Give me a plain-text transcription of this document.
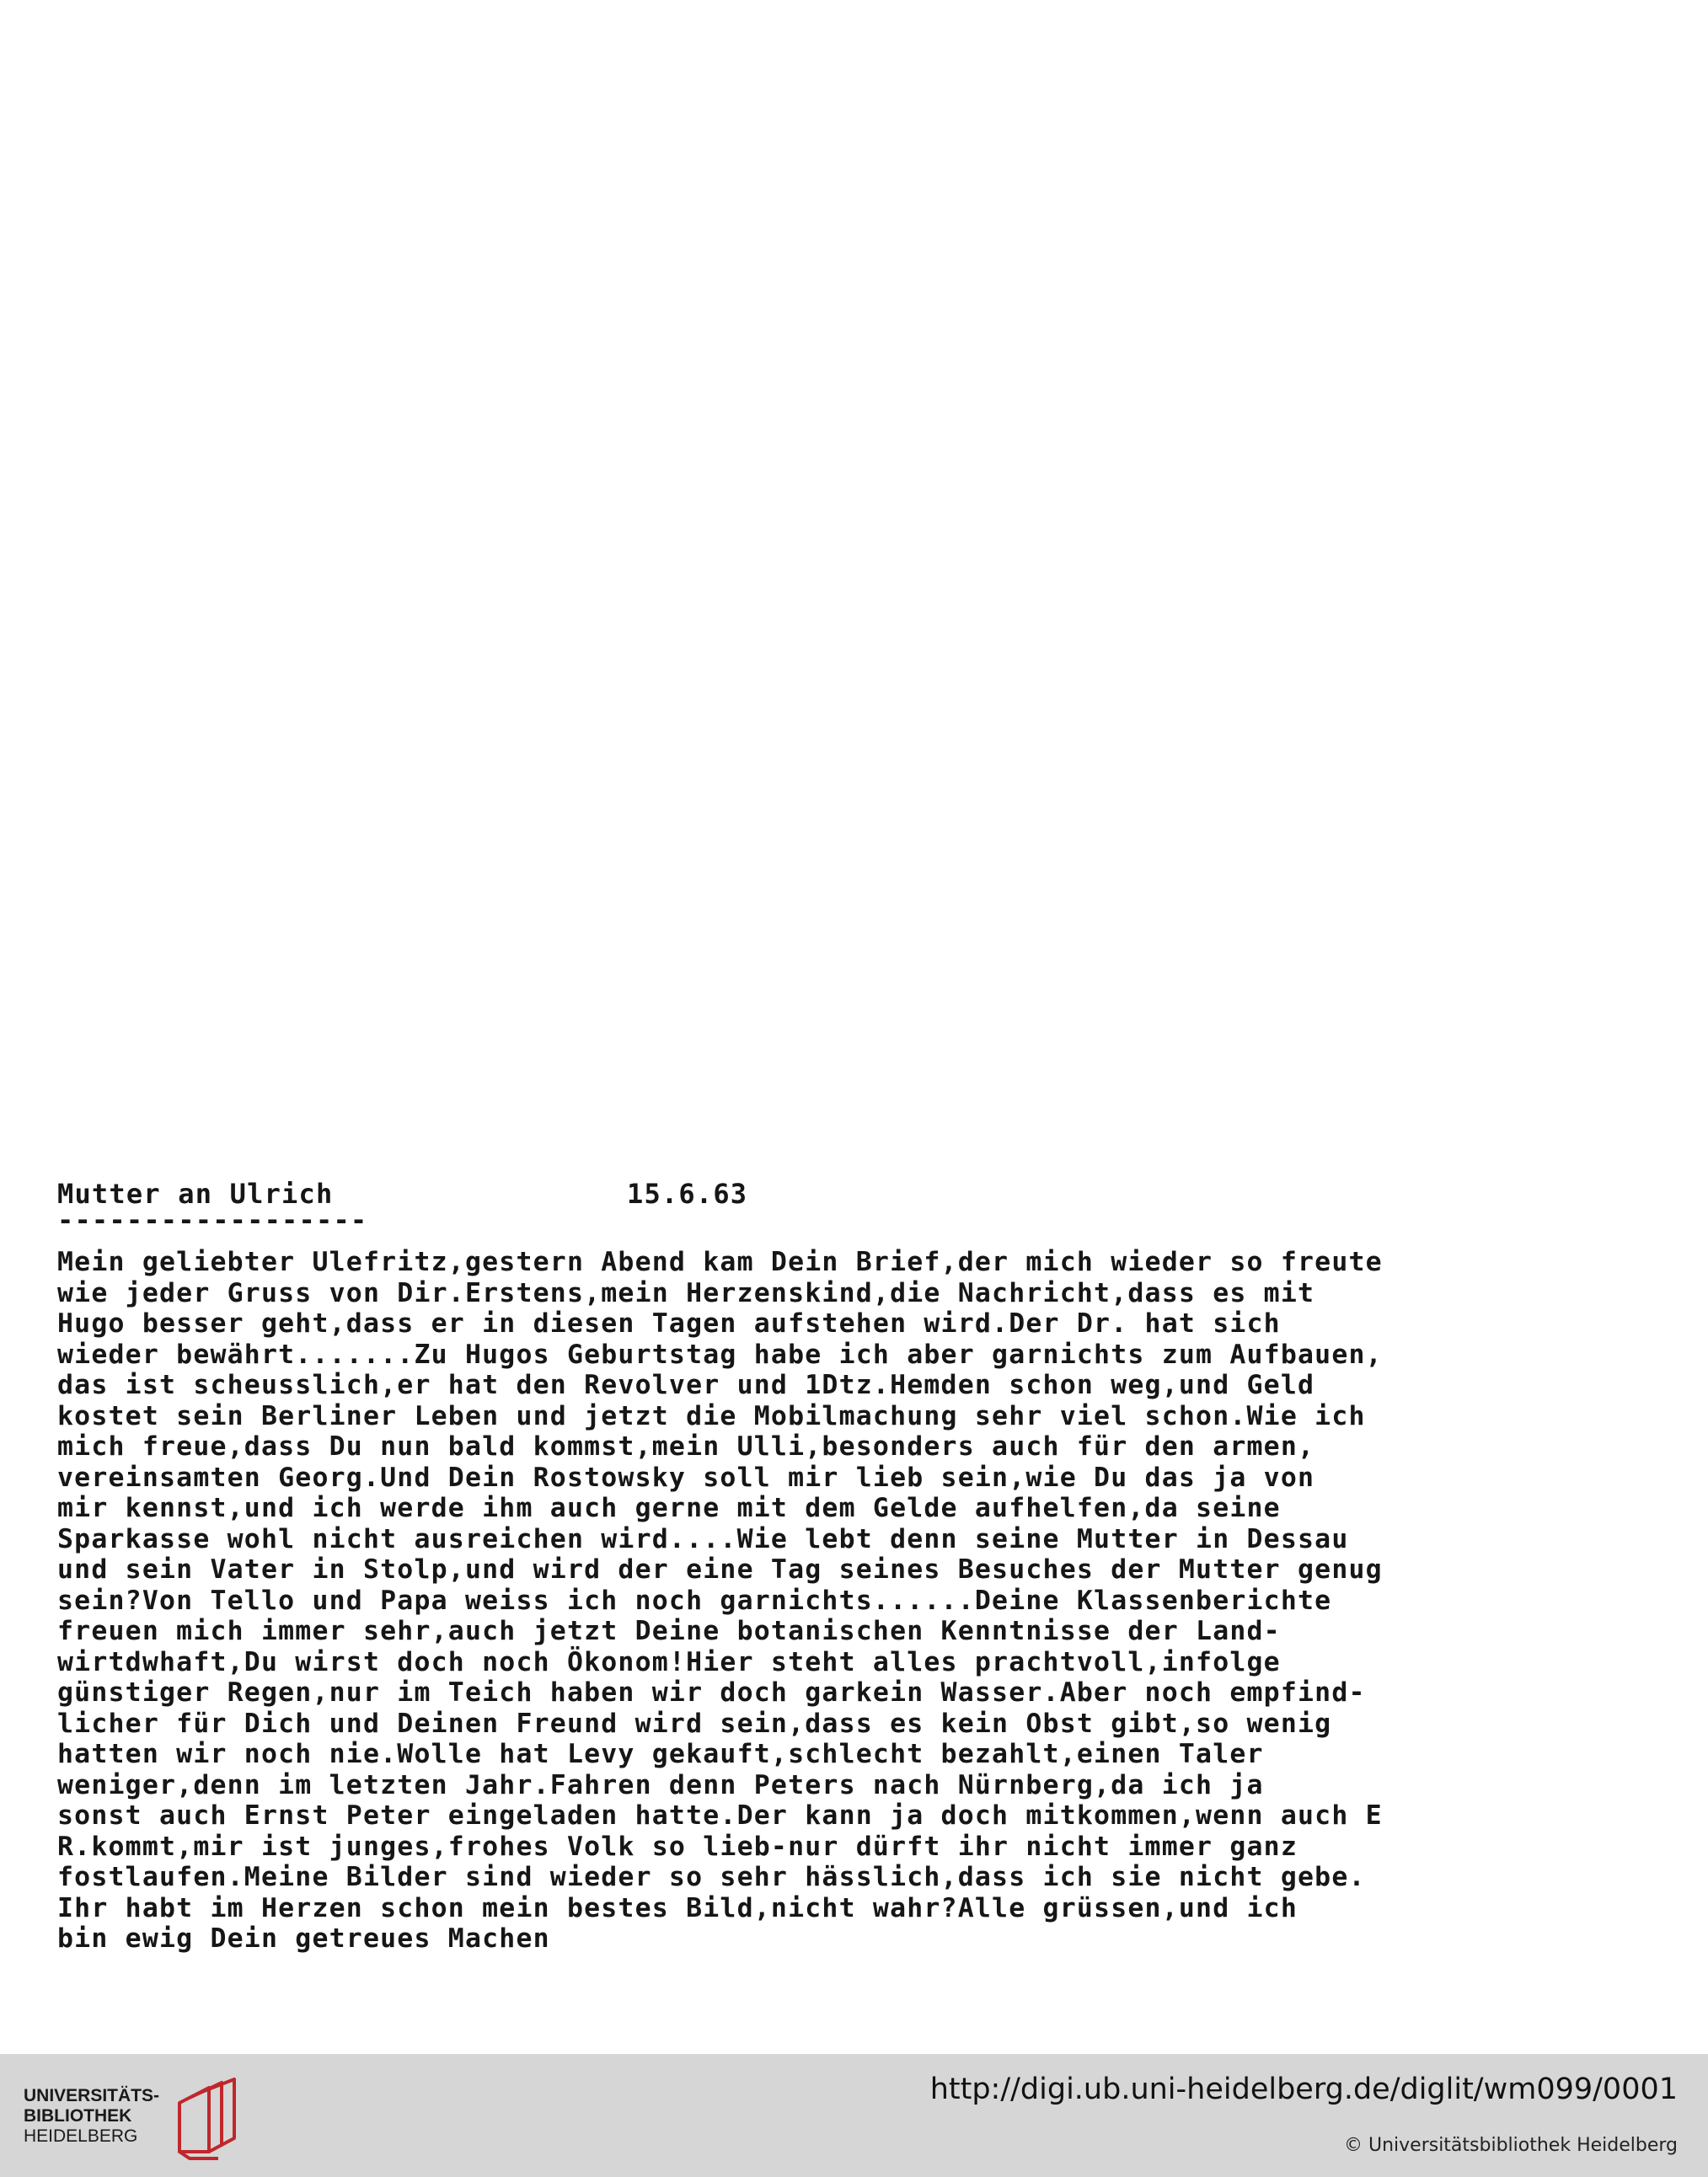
Mutter an Ulrich	15.6.63
------------------
Mein geliebter Ulefritz,gestern Abend kam Dein Brief,der mich wieder so freute
wie jeder Gruss von Dir.Erstens,mein Herzenskind,die Nachricht,dass es mit
Hugo besser geht,dass er in diesen Tagen aufstehen wird.Der Dr. hat sich
wieder bewährt.......Zu Hugos Geburtstag habe ich aber garnichts zum Aufbauen,
das ist scheusslich,er hat den Revolver und 1Dtz.Hemden schon weg,und Geld
kostet sein Berliner Leben und jetzt die Mobilmachung sehr viel schon.Wie ich
mich freue,dass Du nun bald kommst,mein Ulli,besonders auch für den armen,
vereinsamten Georg.Und Dein Rostowsky soll mir lieb sein,wie Du das ja von
mir kennst,und ich werde ihm auch gerne mit dem Gelde aufhelfen,da seine
Sparkasse wohl nicht ausreichen wird....Wie lebt denn seine Mutter in Dessau
und sein Vater in Stolp,und wird der eine Tag seines Besuches der Mutter genug
sein?Von Tello und Papa weiss ich noch garnichts......Deine Klassenberichte
freuen mich immer sehr,auch jetzt Deine botanischen Kenntnisse der Land-
wirtdwhaft,Du wirst doch noch Ökonom!Hier steht alles prachtvoll,infolge
günstiger Regen,nur im Teich haben wir doch garkein Wasser.Aber noch empfind-
licher für Dich und Deinen Freund wird sein,dass es kein Obst gibt,so wenig
hatten wir noch nie.Wolle hat Levy gekauft,schlecht bezahlt,einen Taler
weniger,denn im letzten Jahr.Fahren denn Peters nach Nürnberg,da ich ja
sonst auch Ernst Peter eingeladen hatte.Der kann ja doch mitkommen,wenn auch E
R.kommt,mir ist junges,frohes Volk so lieb-nur dürft ihr nicht immer ganz
fostlaufen.Meine Bilder sind wieder so sehr hässlich,dass ich sie nicht gebe.
Ihr habt im Herzen schon mein bestes Bild,nicht wahr?Alle grüssen,und ich
bin ewig Dein getreues Machen
UNIVERSITÄTS-
BIBLIOTHEK
HEIDELBERG
http://digi.ub.uni-heidelberg.de/diglit/wm099/0001
© Universitätsbibliothek Heidelberg
